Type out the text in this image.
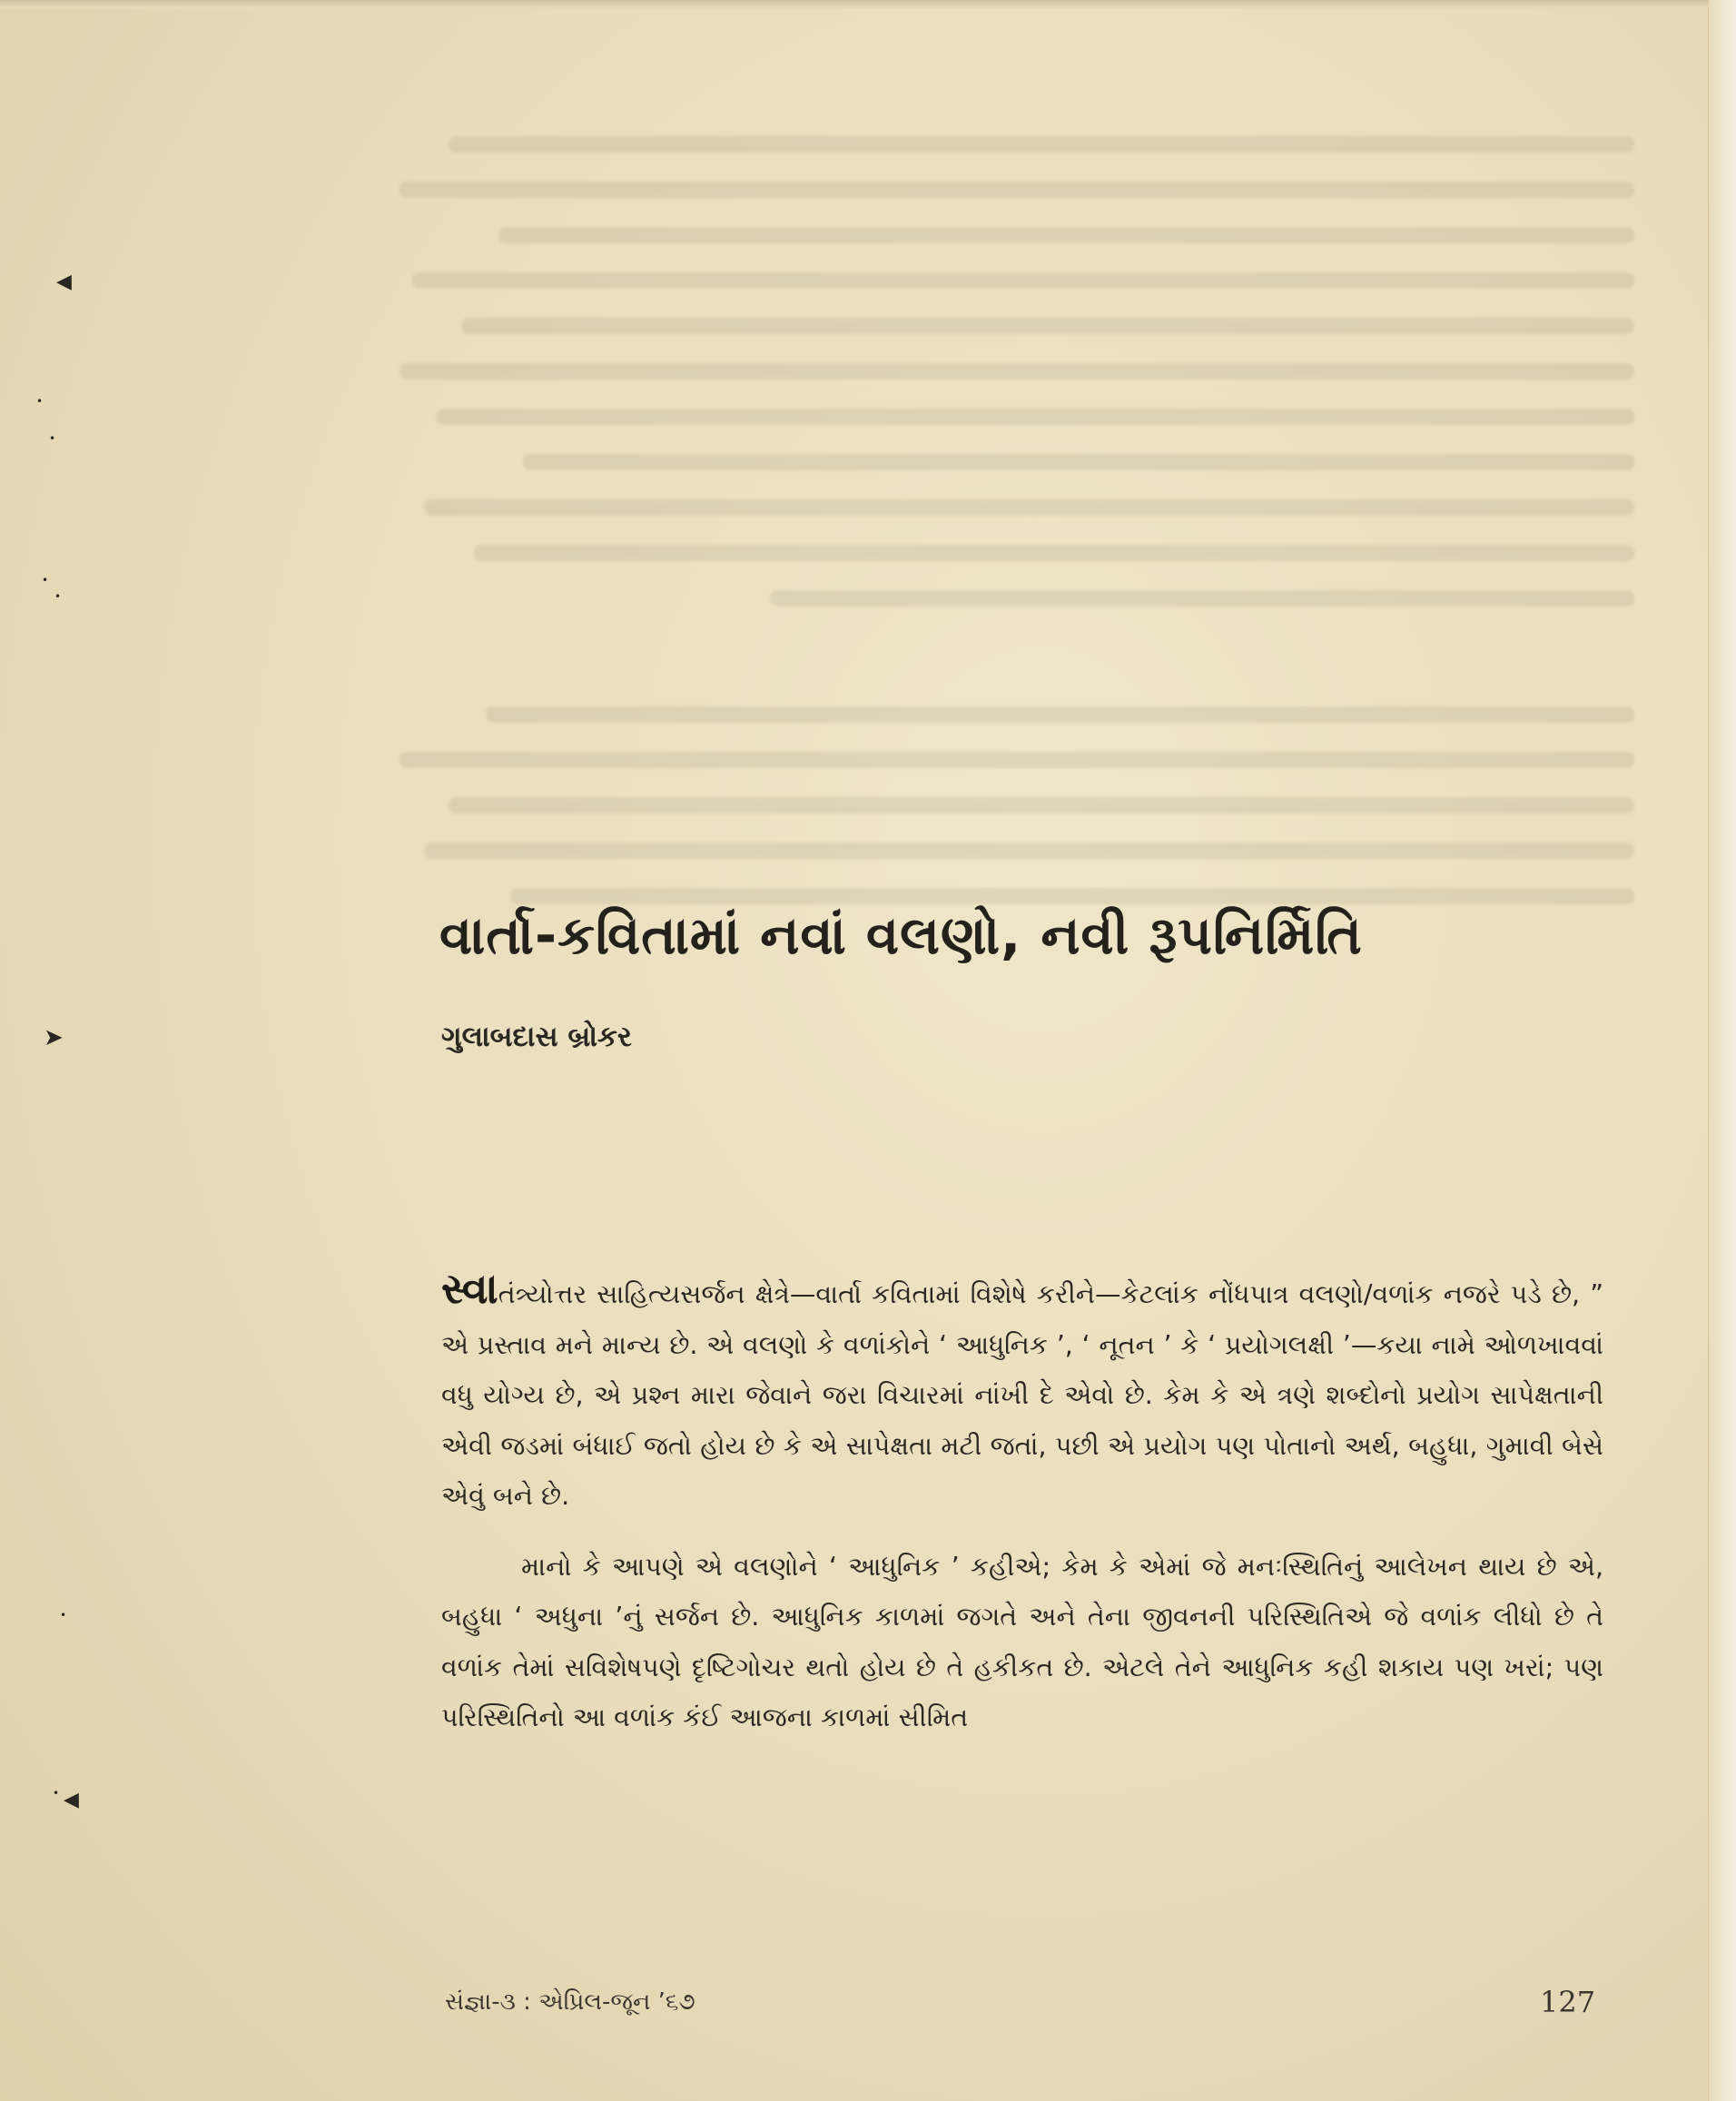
◀
•
•
•
•
➤
•
• ◀
વાર્તા-કવિતામાં નવાં વલણો, નવી રૂપનિર્મિતિ
ગુલાબદાસ બ્રોકર

સ્વાતંત્ર્યોત્તર સાહિત્યસર્જન ક્ષેત્રે—વાર્તા કવિતામાં વિશેષે કરીને—કેટલાંક નોંધપાત્ર વલણો/વળાંક નજરે પડે છે, ” એ પ્રસ્તાવ મને માન્ય છે. એ વલણો કે વળાંકોને ‘ આધુનિક ’, ‘ નૂતન ’ કે ‘ પ્રયોગલક્ષી ’—કયા નામે ઓળખાવવાં વધુ યોગ્ય છે, એ પ્રશ્ન મારા જેવાને જરા વિચારમાં નાંખી દે એવો છે. કેમ કે એ ત્રણે શબ્દોનો પ્રયોગ સાપેક્ષતાની એવી જડમાં બંધાઈ જતો હોય છે કે એ સાપેક્ષતા મટી જતાં, પછી એ પ્રયોગ પણ પોતાનો અર્થ, બહુધા, ગુમાવી બેસે એવું બને છે.

માનો કે આપણે એ વલણોને ‘ આધુનિક ’ કહીએ; કેમ કે એમાં જે મનઃસ્થિતિનું આલેખન થાય છે એ, બહુધા ‘ અધુના ’નું સર્જન છે. આધુનિક કાળમાં જગતે અને તેના જીવનની પરિસ્થિતિએ જે વળાંક લીધો છે તે વળાંક તેમાં સવિશેષપણે દૃષ્ટિગોચર થતો હોય છે તે હકીકત છે. એટલે તેને આધુનિક કહી શકાય પણ ખરાં; પણ પરિસ્થિતિનો આ વળાંક કંઈ આજના કાળમાં સીમિત

સંજ્ઞા-૩ : એપ્રિલ-જૂન ’૬૭	127
